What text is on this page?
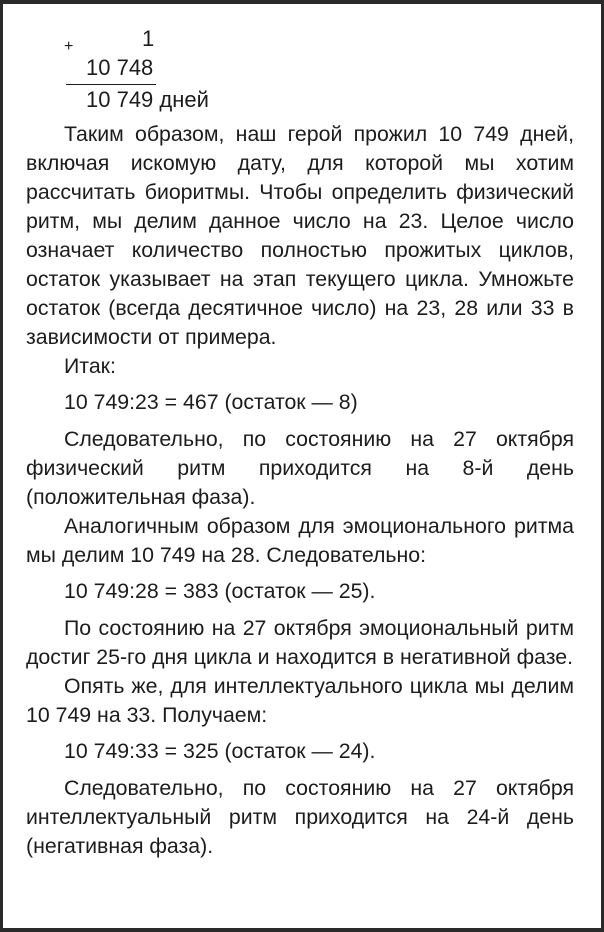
1
+
10 748
10 749 дней

Таким образом, наш герой прожил 10 749 дней, включая искомую дату, для которой мы хотим рассчитать биоритмы. Чтобы определить физический ритм, мы делим данное число на 23. Целое число означает количество полностью прожитых циклов, остаток указывает на этап текущего цикла. Умножьте остаток (всегда десятичное число) на 23, 28 или 33 в зависимости от примера.

Итак:

10 749:23 = 467 (остаток — 8)

Следовательно, по состоянию на 27 октября физический ритм приходится на 8-й день (положительная фаза).

Аналогичным образом для эмоционального ритма мы делим 10 749 на 28. Следовательно:

10 749:28 = 383 (остаток — 25).

По состоянию на 27 октября эмоциональный ритм достиг 25-го дня цикла и находится в негативной фазе.

Опять же, для интеллектуального цикла мы делим 10 749 на 33. Получаем:

10 749:33 = 325 (остаток — 24).

Следовательно, по состоянию на 27 октября интеллектуальный ритм приходится на 24-й день (негативная фаза).
